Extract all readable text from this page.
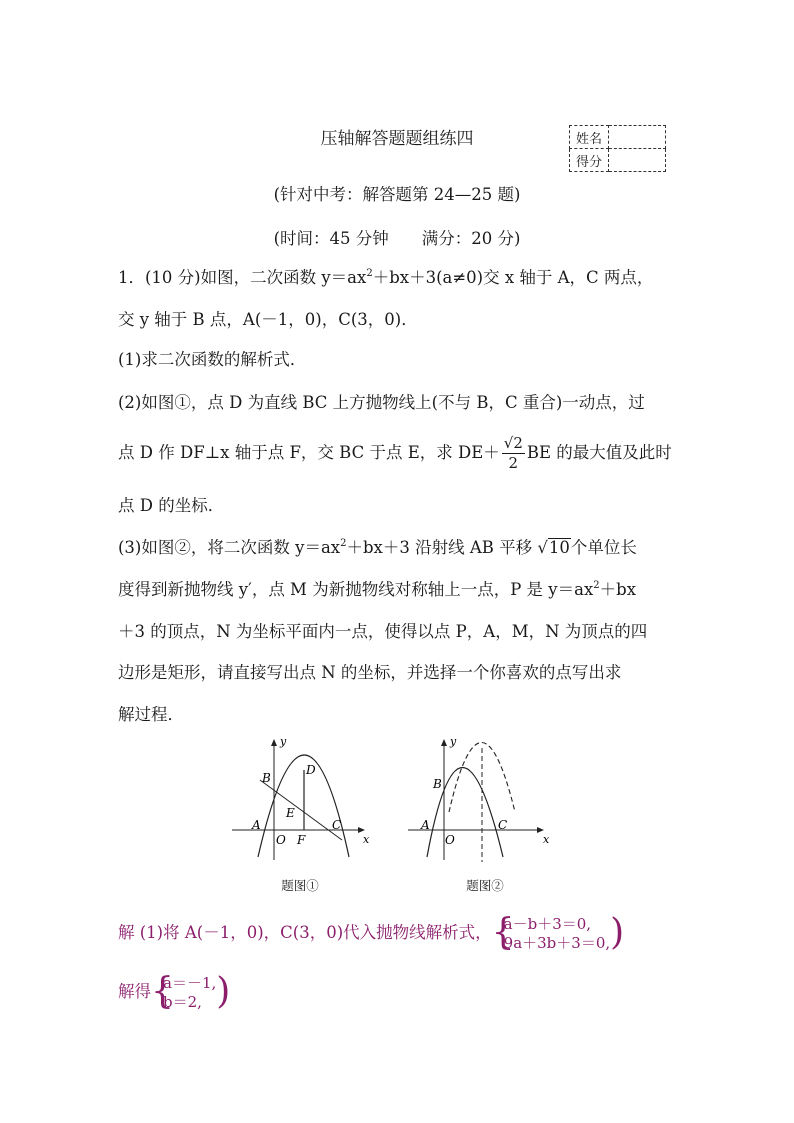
压轴解答题题组练四	姓名	
得分	
(针对中考：解答题第 24—25 题)
(时间：45 分钟　　满分：20 分)
1．(10 分)如图，二次函数 $y=ax^2+bx+3(a\ne 0)$交 x 轴于 A，C 两点，
交 y 轴于 B 点，A(－1，0)，C(3，0)．
(1)求二次函数的解析式．
(2)如图①，点 D 为直线 BC 上方抛物线上(不与 B，C 重合)一动点，过
点 D 作 DF⊥x 轴于点 F，交 BC 于点 E，求 $DE+ \frac{√2}{2}$ BE 的最大值及此时
点 D 的坐标．
(3)如图②，将二次函数 $y=ax^2+bx+3$ 沿射线 AB 平移 √10个单位长
度得到新抛物线 y′，点 M 为新抛物线对称轴上一点，P 是 $y=ax^2+bx$
＋3 的顶点，N 为坐标平面内一点，使得以点 P，A，M，N 为顶点的四
边形是矩形，请直接写出点 N 的坐标，并选择一个你喜欢的点写出求
解过程．
y
x
B
D
E
A
O F
C
题图①
y
x
B
A
O
C
题图②
解 (1)将 A(－1，0)，C(3，0)代入抛物线解析式， {
a－b＋3＝0,
9a＋3b＋3＝0, )
解得 {
a＝－1,
b＝2, )
